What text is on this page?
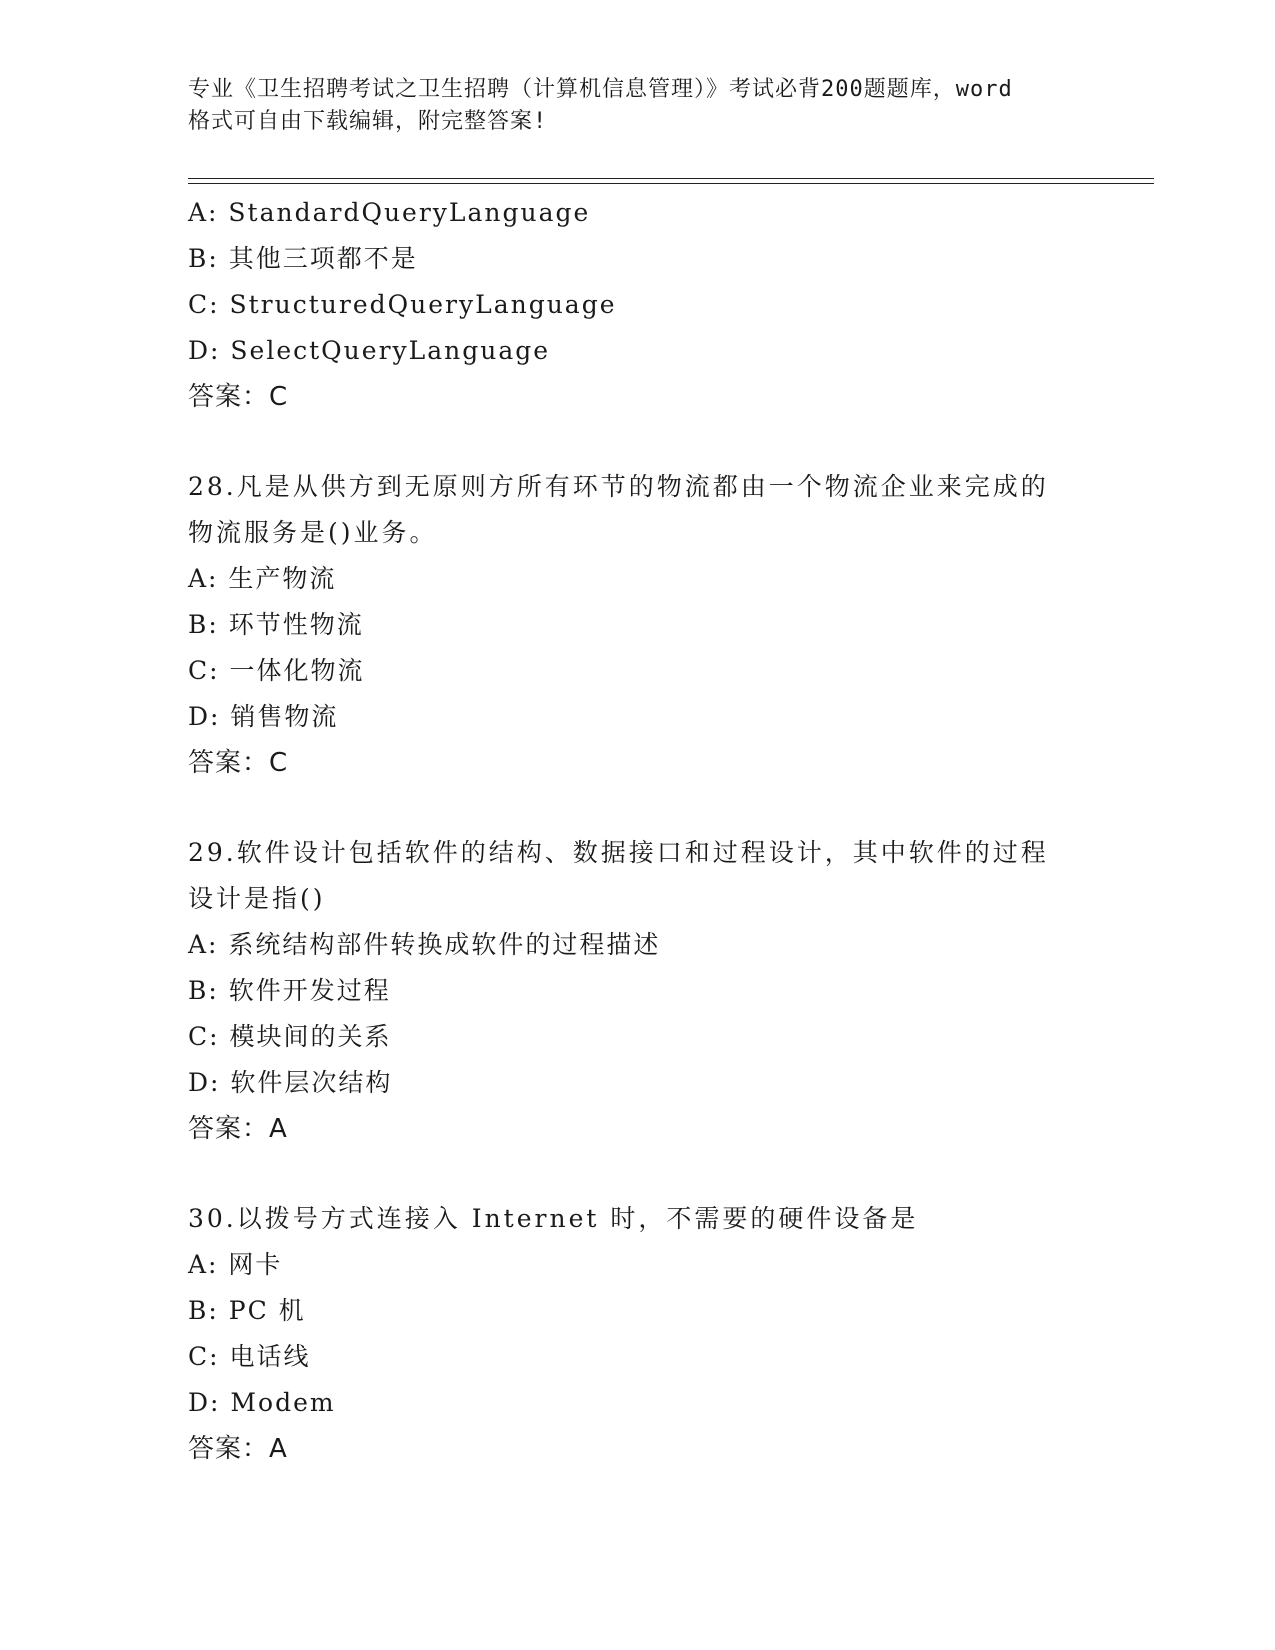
专业《卫生招聘考试之卫生招聘（计算机信息管理）》考试必背200题题库，word
格式可自由下载编辑，附完整答案!
A: StandardQueryLanguage
B: 其他三项都不是
C: StructuredQueryLanguage
D: SelectQueryLanguage
答案：C
28.凡是从供方到无原则方所有环节的物流都由一个物流企业来完成的
物流服务是()业务。
A: 生产物流
B: 环节性物流
C: 一体化物流
D: 销售物流
答案：C
29.软件设计包括软件的结构、数据接口和过程设计，其中软件的过程
设计是指()
A: 系统结构部件转换成软件的过程描述
B: 软件开发过程
C: 模块间的关系
D: 软件层次结构
答案：A
30.以拨号方式连接入 Internet 时，不需要的硬件设备是
A: 网卡
B: PC 机
C: 电话线
D: Modem
答案：A
